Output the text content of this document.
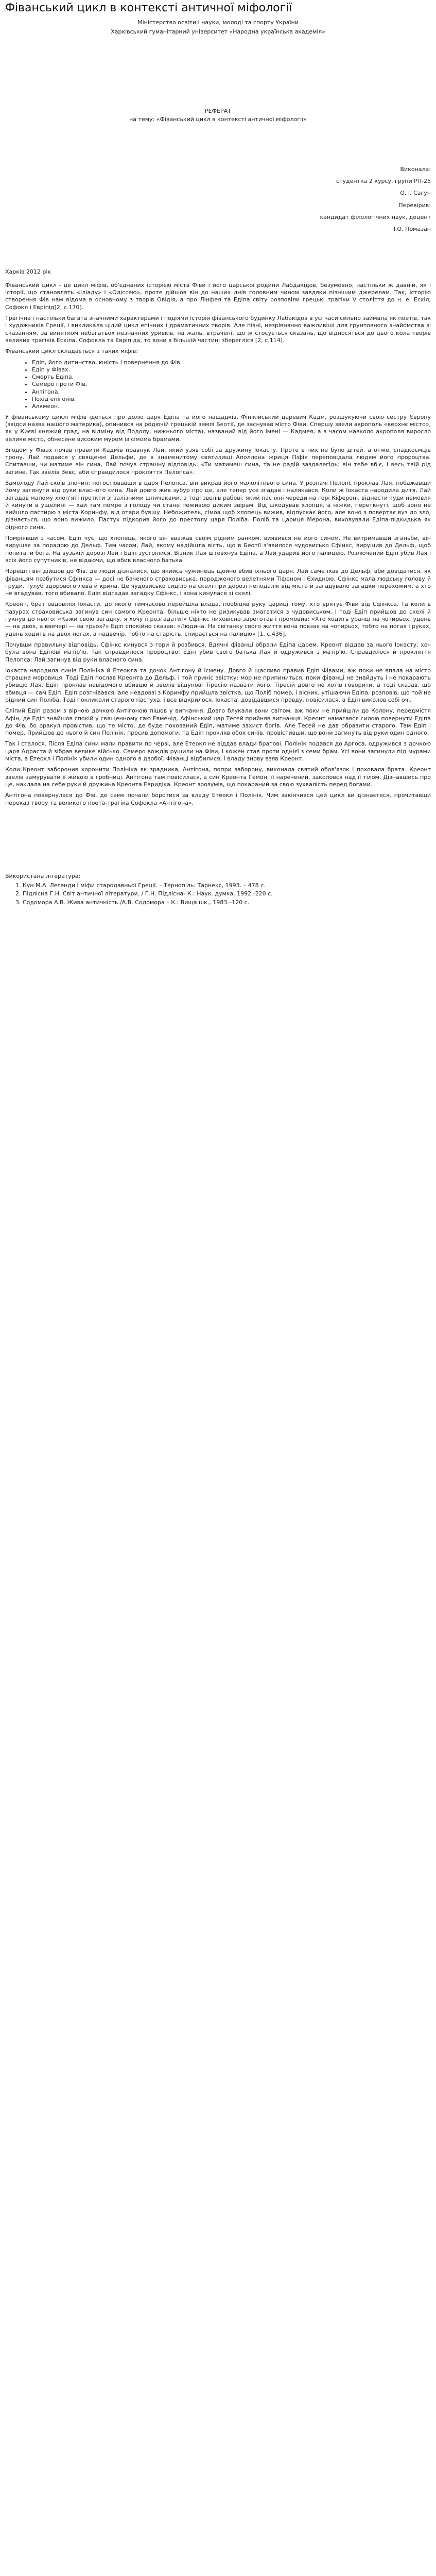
Фіванський цикл в контексті античної міфології

Міністерство освіти і науки, молоді та спорту України

Харківський гуманітарний університет «Народна українська академія»

РЕФЕРАТ

на тему: «Фіванський цикл в контексті античної міфології»

Виконала:

студентка 2 курсу, групи РП-25

О. І. Сагун

Перевірив:

кандидат філологічних наук, доцент

І.О. Помазан

Харків 2012 рік

Фіванський цикл - це цикл міфів, об'єднаних історією міста Фіви і його царської родини Лабдакідов, безумовно, настільки ж давній, як і історії, що становлять «Іліаду» і «Одіссею», проте дійшов він до наших днів головним чином завдяки пізнішим джерелам. Так, історію створення Фів нам відома в основному з творів Овідія, а про Лінфея та Едіпа світу розповіли грецькі трагіки V століття до н. е. Есхіл, Софокл і Евріпід[2, с.170].

Трагічна і настільки багата значними характерами і подіями історія фіванського будинку Лабакідов в усі часи сильно займала як поетів, так і художників Греції, і викликала цілий цикл епічних і драматичних творів. Але пізні, незрівнянно важливіші для грунтовного знайомства зі сказанням, за винятком небагатьох незначних уривків, на жаль, втрачені, що ж стосується сказань, що відносяться до цього кола творів великих трагіків Есхіла, Софокла та Евріпіда, то вони в більшій частині зберегліся [2, с.114].

Фіванський цикл складається з таких міфів:

• Едіп, його дитинство, юність і повернення до Фів.
• Едіп у Фівах.
• Смерть Едіпа.
• Семеро проти Фів.
• Антігона.
• Похід епігонів.
• Алкмеон.

У фіванському циклі міфів ідеться про долю царя Едіпа та його нащадків. Фінікійський царевич Кадм, розшукуючи свою сестру Європу (звідси назва нашого материка), опинився на родючій грецькій землі Беотії, де заснував місто Фіви. Спершу звели акрополь «верхнє місто», як у Києві княжий град, на відміну від Подолу, нижнього міста), названий від його імені — Кадмея, а з часом навколо акрополя виросло велике місто, обнесене високим муром із сімома брамами.

Згодом у Фівах почав правити Кадмів правнук Лай, який узяв собі за дружину Іокасту. Проте в них не було дітей, а отже, спадкоємців трону. Лай подався у священні Дельфи, де в знаменитому святилищі Аполлона жриця Піфія переповідала людям його пророцтва. Спитавши, чи матиме він сина, Лай почув страшну відповідь: «Ти матимеш сина, та не радій заздалегідь: він тебе вб'є, і весь твій рід загине. Так звелів Зевс, аби справдилося прокляття Пелопса».

Замолоду Лай скоїв злочин: погостювавши в царя Пелопса, він викрав його малолітнього сина. У розпачі Пелопс проклав Лая, побажавши йому загинути від руки власного сина. Лай довго жив зубур про це, але тепер усе згадав і налякався. Коли ж Іокаста народила дитя, Лай загадав малому хлоп'яті проткти зі залізними шпичаками, а тоді звелів рабові, який пас їхні череди на горі Кіфероні, віднести туди немовля й кинути в ущелині — хай там помре з голоду чи стане поживою диким звірам. Від шкодував хлопця, а ніжки, переткнуті, щоб воно не вийшло пастирю з міста Коринфу, від отари бувшу. Небожитель, сімоа щоб хлопець вижив, відпускає його, але воно з повертає вуз до зло, дізнається, що воно вижило. Пастух підкорив його до престолу царя Поліба. Поліб та цариця Мерона, виховували Едіпа-підкидька як рідного сина.

Помріявши з часом, Едіп чує, що хлопець, якого він вважав своїм рідним ранком, виявився не його сином. Не витримавши зганьби, він вирушає за порадою до Дельф. Тим часом, Лай, якому надійшла вість, що в Беотії з'явилося чудовисько Сфінкс, вирушив до Дельф, щоб попитати бога. На вузькій дорозі Лай і Едіп зустрілися. Візник Лая штовхнув Едіпа, а Лай ударив його палицею. Розлючений Едіп убив Лая і всіх його супутників, не відаючи, що вбив власного батька.

Нарешті він дійшов до Фів, де люди дізналися, що якийсь чужинець щойно вбив їхнього царя. Лай саме їхав до Дельф, аби довідатися, як фіванцям позбутися Сфінкса — досі не баченого страховиська, породженого велетнями Тіфоном і Єхидною. Сфінкс мала людську голову й груди, тулуб здорового лева й крила. Це чудовисько сиділо на скелі при дорозі неподалік від міста й загадувало загадки перехожим, а хто не вгадував, того вбивало. Едіп відгадав загадку Сфінкс, і вона кинулася зі скелі.

Креонт, брат овдовілої Іокасти, до якого тимчасово перейшла влада, пообіцяв руку цариці тому, хто врятує Фіви від Сфінкса. Та коли в пазурах страховиська загинув син самого Креонта, більше ніхто не ризикував змагатися з чудовиськом. І тоді Едіп прийшов до скелі й гукнув до нього: «Кажи свою загадку, я хочу її розгадати!» Сфінкс лиховісно зареготав і промовив: «Хто ходить уранці на чотирьох, удень — на двох, а ввечері — на трьох?» Едіп спокійно сказав: «Людина. На світанку свого життя вона повзає на чотирьох, тобто на ногах і руках, удень ходить на двох ногах, а надвечір, тобто на старість, спирається на палицю» [1, с.436].

Почувши правильну відповідь, Сфінкс кинувся з гори й розбився. Вдячні фіванці обрали Едіпа царем. Креонт віддав за нього Іокасту, хоч була вона Едіпові матір'ю. Так справдилося пророцтво: Едіп убив свого батька Лая й одружився з матір'ю. Справдилося й прокляття Пелопса: Лай загинув від руки власного сина.

Іокаста народила синів Полініка й Етеокла та дочок Антігону й Ісмену. Довго й щасливо правив Едіп Фівами, аж поки не впала на місто страшна моровиця. Тоді Едіп послав Креонта до Дельф, і той приніс звістку: мор не припиниться, поки фіванці не знайдуть і не покарають убивцю Лая. Едіп проклав невідомого вбивцю й звелів віщунові Тіресію назвати його. Тіресій довго не хотів говорити, а тоді сказав, що вбивця — сам Едіп. Едіп розгнівався, але невдовзі з Коринфу прийшла звістка, що Поліб помер, і вісник, утішаючи Едіпа, розповів, що той не рідний син Поліба. Тоді покликали старого пастуха, і все відкрилося. Іокаста, довідавшися правду, повісилася, а Едіп виколов собі очі.

Сліпий Едіп разом з вірною дочкою Антігоною пішов у вигнання. Довго блукали вони світом, аж поки не прийшли до Колону, передмістя Афін, де Едіп знайшов спокій у священному гаю Евменід. Афінський цар Тесей прийняв вигнанця. Креонт намагався силою повернути Едіпа до Фів, бо оракул провістив, що те місто, де буде похований Едіп, матиме захист богів. Але Тесей не дав образити старого. Там Едіп і помер. Прийшов до нього й син Полінік, просив допомоги, та Едіп прокляв обох синів, провістивши, що вони загинуть від руки один одного.

Так і сталося. Після Едіпа сини мали правити по черзі, але Етеокл не віддав влади братові. Полінік подався до Аргоса, одружився з дочкою царя Адраста й зібрав велике військо. Семеро вождів рушили на Фіви, і кожен став проти однієї з семи брам. Усі вони загинули під мурами міста, а Етеокл і Полінік убили один одного в двобої. Фіванці відбилися, і владу знову взяв Креонт.

Коли Креонт заборонив хоронити Полініка як зрадника, Антігона, попри заборону, виконала святий обов'язок і поховала брата. Креонт звелів замурувати її живою в гробниці. Антігона там повісилася, а син Креонта Гемон, її наречений, заколовся над її тілом. Дізнавшись про це, наклала на себе руки й дружина Креонта Евридіка. Креонт зрозумів, що покараний за свою зухвалість перед богами.

Антігона повернулася до Фів, де саме почали боротися за владу Етеокл і Полінік. Чим закінчився цей цикл ви дізнаєтеся, прочитавши переказ твору та великого поета-трагіка Софокла «Антігона».

Використана література:

1. Кун М.А. Легенди і міфи стародавньої Греції. – Тернопіль: Тарнекс, 1993. – 478 с.
2. Підліснa Г.Н. Світ античної літератури. / Г.Н. Підлісна- К.: Наук. думка, 1992.-220 с.
3. Содомора А.В. Жива античність./А.В. Содомора – К.: Вища шк., 1983.–120 с.
